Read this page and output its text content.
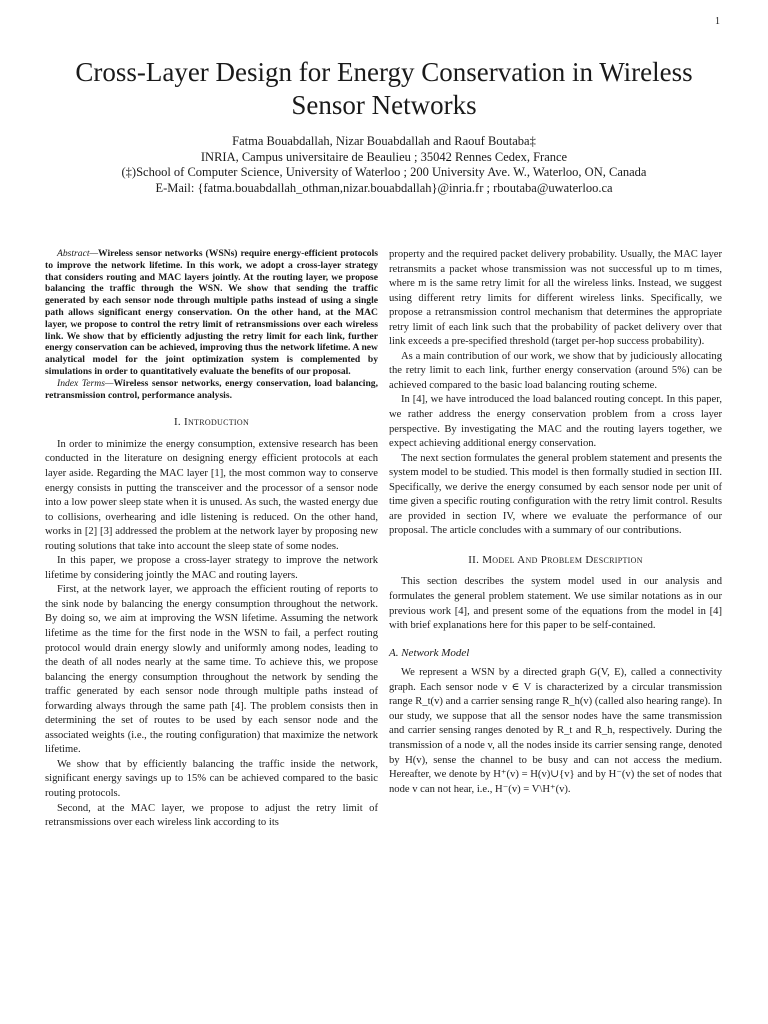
1
Cross-Layer Design for Energy Conservation in Wireless Sensor Networks
Fatma Bouabdallah, Nizar Bouabdallah and Raouf Boutaba‡
INRIA, Campus universitaire de Beaulieu ; 35042 Rennes Cedex, France
(‡)School of Computer Science, University of Waterloo ; 200 University Ave. W., Waterloo, ON, Canada
E-Mail: {fatma.bouabdallah_othman,nizar.bouabdallah}@inria.fr ; rboutaba@uwaterloo.ca

Abstract—Wireless sensor networks (WSNs) require energy-efficient protocols to improve the network lifetime. In this work, we adopt a cross-layer strategy that considers routing and MAC layers jointly. At the routing layer, we propose balancing the traffic through the WSN. We show that sending the traffic generated by each sensor node through multiple paths instead of using a single path allows significant energy conservation. On the other hand, at the MAC layer, we propose to control the retry limit of retransmissions over each wireless link. We show that by efficiently adjusting the retry limit for each link, further energy conservation can be achieved, improving thus the network lifetime. A new analytical model for the joint optimization system is complemented by simulations in order to quantitatively evaluate the benefits of our proposal.

Index Terms—Wireless sensor networks, energy conservation, load balancing, retransmission control, performance analysis.

I. Introduction

In order to minimize the energy consumption, extensive research has been conducted in the literature on designing energy efficient protocols at each layer aside. Regarding the MAC layer [1], the most common way to conserve energy consists in putting the transceiver and the processor of a sensor node into a low power sleep state when it is unused. As such, the wasted energy due to collisions, overhearing and idle listening is reduced. On the other hand, works in [2] [3] addressed the problem at the network layer by proposing new routing solutions that take into account the sleep state of some nodes.

In this paper, we propose a cross-layer strategy to improve the network lifetime by considering jointly the MAC and routing layers.

First, at the network layer, we approach the efficient routing of reports to the sink node by balancing the energy consumption throughout the network. By doing so, we aim at improving the WSN lifetime. Assuming the network lifetime as the time for the first node in the WSN to fail, a perfect routing protocol would drain energy slowly and uniformly among nodes, leading to the death of all nodes nearly at the same time. To achieve this, we propose balancing the energy consumption throughout the network by sending the traffic generated by each sensor node through multiple paths instead of forwarding always through the same path [4]. The problem consists then in determining the set of routes to be used by each sensor node and the associated weights (i.e., the routing configuration) that maximize the network lifetime.

We show that by efficiently balancing the traffic inside the network, significant energy savings up to 15% can be achieved compared to the basic routing protocols.

Second, at the MAC layer, we propose to adjust the retry limit of retransmissions over each wireless link according to its

property and the required packet delivery probability. Usually, the MAC layer retransmits a packet whose transmission was not successful up to m times, where m is the same retry limit for all the wireless links. Instead, we suggest using different retry limits for different wireless links. Specifically, we propose a retransmission control mechanism that determines the appropriate retry limit of each link such that the probability of packet delivery over that link exceeds a pre-specified threshold (target per-hop success probability).

As a main contribution of our work, we show that by judiciously allocating the retry limit to each link, further energy conservation (around 5%) can be achieved compared to the basic load balancing routing scheme.

In [4], we have introduced the load balanced routing concept. In this paper, we rather address the energy conservation problem from a cross layer perspective. By investigating the MAC and the routing layers together, we expect achieving additional energy conservation.

The next section formulates the general problem statement and presents the system model to be studied. This model is then formally studied in section III. Specifically, we derive the energy consumed by each sensor node per unit of time given a specific routing configuration with the retry limit control. Results are provided in section IV, where we evaluate the performance of our proposal. The article concludes with a summary of our contributions.

II. Model And Problem Description

This section describes the system model used in our analysis and formulates the general problem statement. We use similar notations as in our previous work [4], and present some of the equations from the model in [4] with brief explanations here for this paper to be self-contained.

A. Network Model

We represent a WSN by a directed graph G(V, E), called a connectivity graph. Each sensor node v ∈ V is characterized by a circular transmission range R_t(v) and a carrier sensing range R_h(v) (called also hearing range). In our study, we suppose that all the sensor nodes have the same transmission and carrier sensing ranges denoted by R_t and R_h, respectively. During the transmission of a node v, all the nodes inside its carrier sensing range, denoted by H(v), sense the channel to be busy and can not access the medium. Hereafter, we denote by H⁺(v) = H(v)∪{v} and by H⁻(v) the set of nodes that node v can not hear, i.e., H⁻(v) = V\H⁺(v).
